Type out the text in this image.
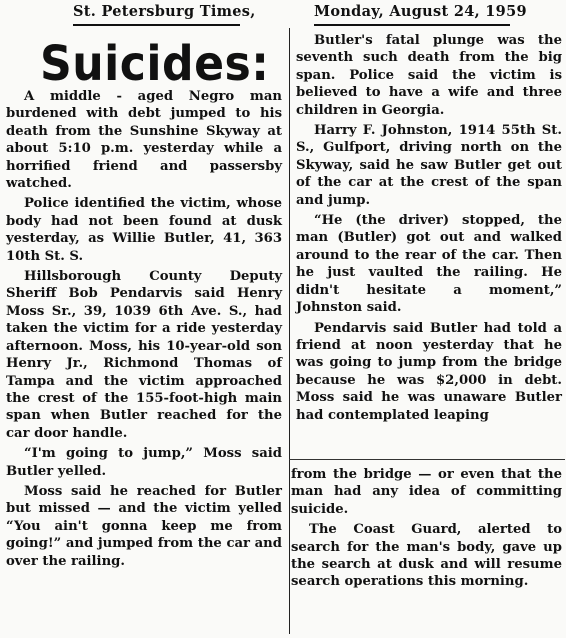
St. Petersburg Times,	Monday, August 24, 1959
Suicides:

A middle - aged Negro man burdened with debt jumped to his death from the Sunshine Skyway at about 5:10 p.m. yesterday while a horrified friend and passersby watched.

Police identified the victim, whose body had not been found at dusk yesterday, as Willie Butler, 41, 363 10th St. S.

Hillsborough County Deputy Sheriff Bob Pendarvis said Henry Moss Sr., 39, 1039 6th Ave. S., had taken the victim for a ride yesterday afternoon. Moss, his 10-year-old son Henry Jr., Richmond Thomas of Tampa and the victim approached the crest of the 155-foot-high main span when Butler reached for the car door handle.

“I'm going to jump,” Moss said Butler yelled.

Moss said he reached for Butler but missed — and the victim yelled “You ain't gonna keep me from going!” and jumped from the car and over the railing.

Butler's fatal plunge was the seventh such death from the big span. Police said the victim is believed to have a wife and three children in Georgia.

Harry F. Johnston, 1914 55th St. S., Gulfport, driving north on the Skyway, said he saw Butler get out of the car at the crest of the span and jump.

“He (the driver) stopped, the man (Butler) got out and walked around to the rear of the car. Then he just vaulted the railing. He didn't hesitate a moment,” Johnston said.

Pendarvis said Butler had told a friend at noon yesterday that he was going to jump from the bridge because he was $2,000 in debt. Moss said he was unaware Butler had contemplated leaping

from the bridge — or even that the man had any idea of committing suicide.

The Coast Guard, alerted to search for the man's body, gave up the search at dusk and will resume search operations this morning.
